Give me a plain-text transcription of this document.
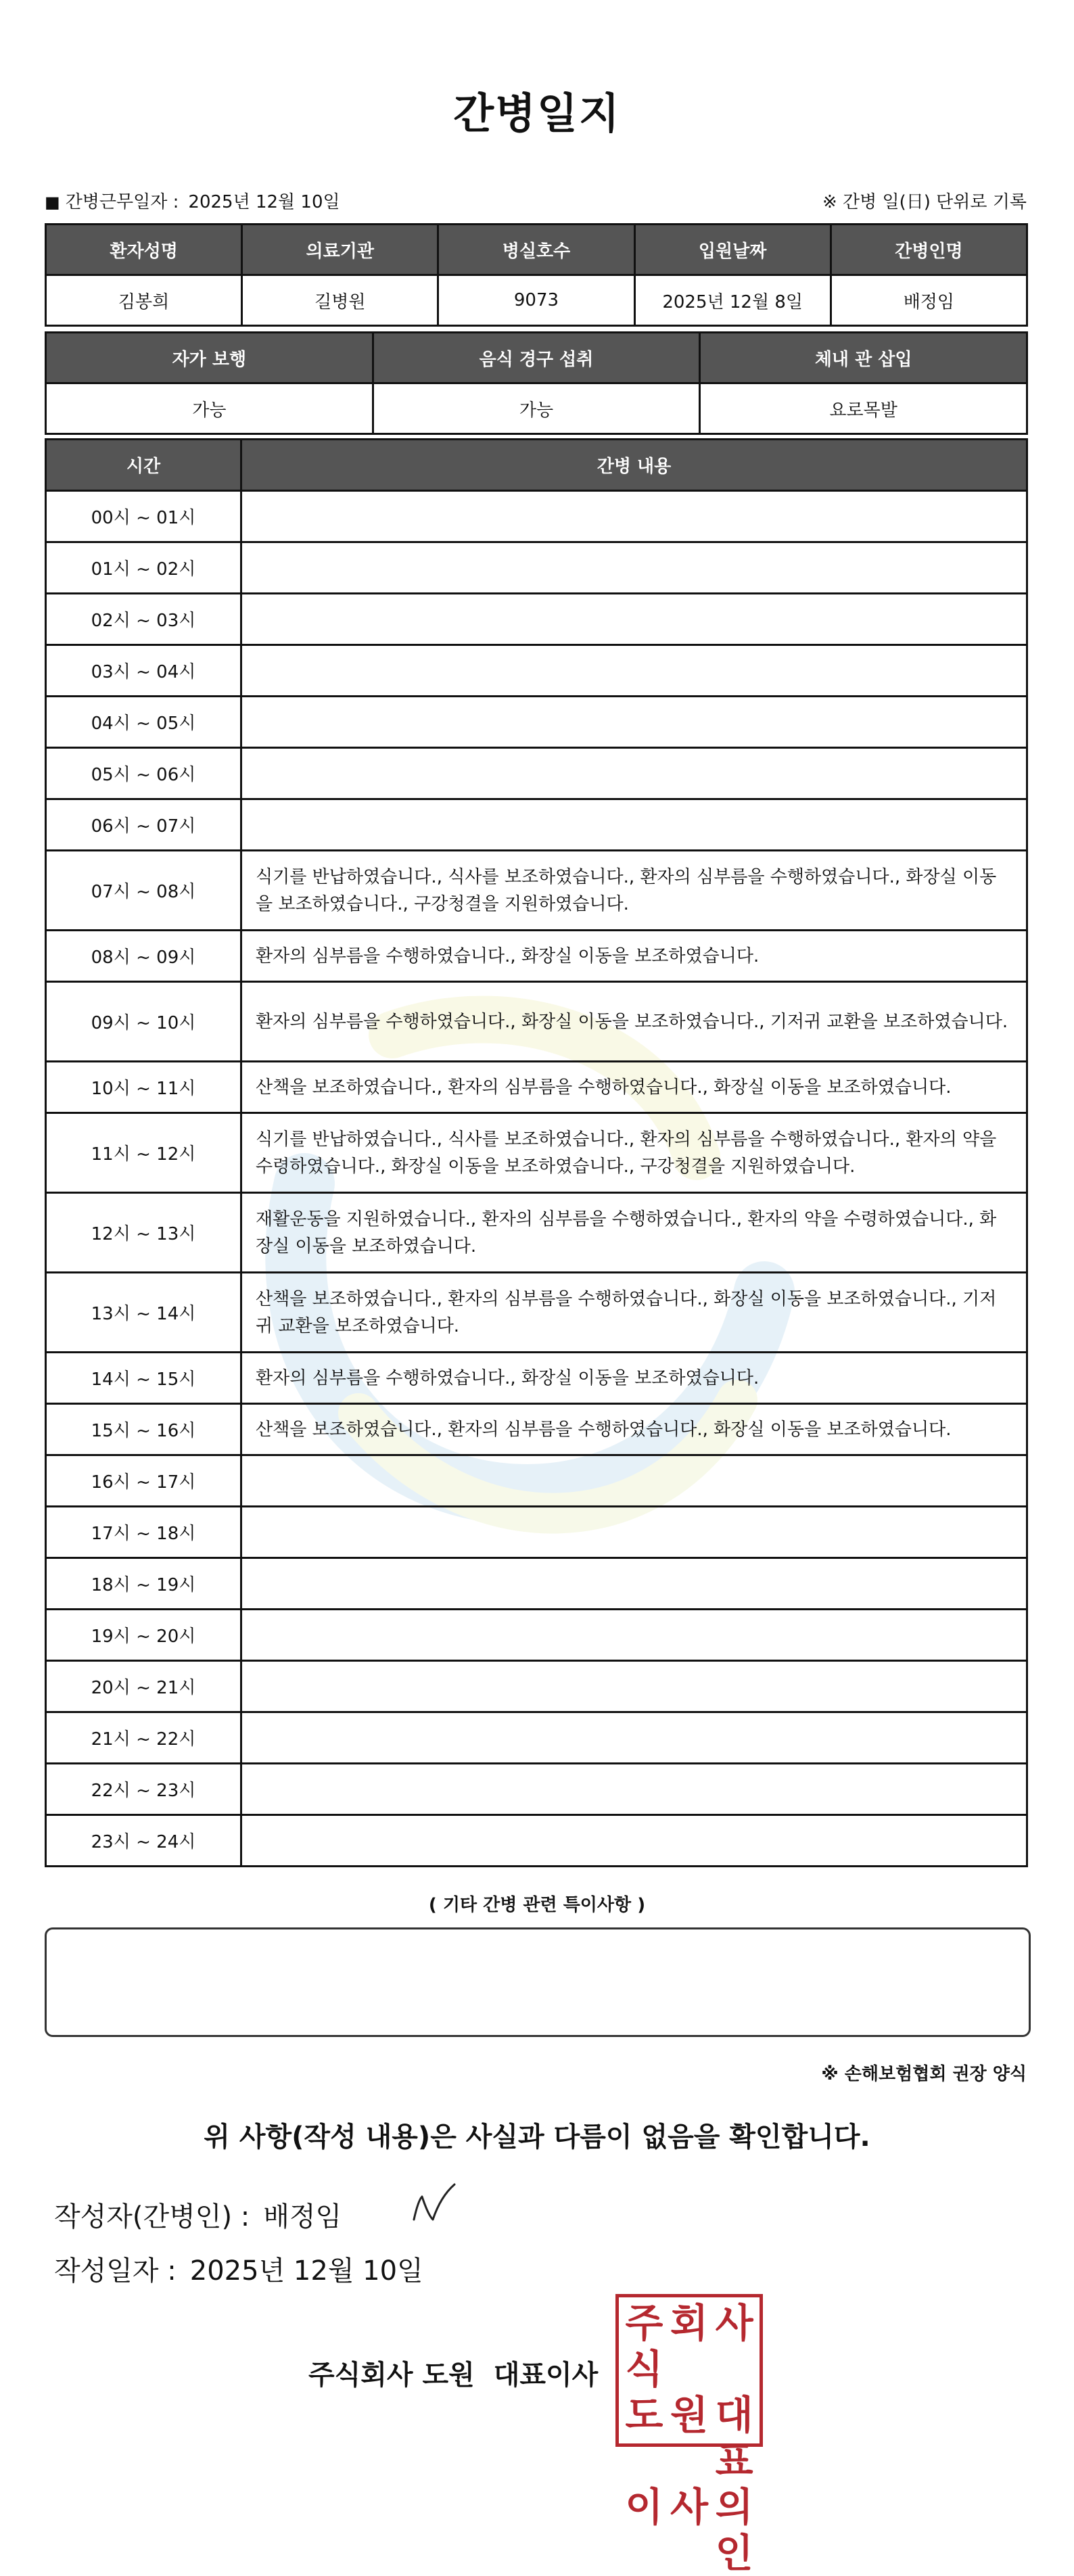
간병일지
■ 간병근무일자 : 2025년 12월 10일	※ 간병 일(日) 단위로 기록
환자성명	의료기관	병실호수	입원날짜	간병인명
김봉희	길병원	9073	2025년 12월 8일	배정임
자가 보행	음식 경구 섭취	체내 관 삽입
가능	가능	요로목발
시간	간병 내용
00시 ~ 01시	
01시 ~ 02시	
02시 ~ 03시	
03시 ~ 04시	
04시 ~ 05시	
05시 ~ 06시	
06시 ~ 07시	
07시 ~ 08시	식기를 반납하였습니다., 식사를 보조하였습니다., 환자의 심부름을 수행하였습니다., 화장실 이동을 보조하였습니다., 구강청결을 지원하였습니다.
08시 ~ 09시	환자의 심부름을 수행하였습니다., 화장실 이동을 보조하였습니다.
09시 ~ 10시	환자의 심부름을 수행하였습니다., 화장실 이동을 보조하였습니다., 기저귀 교환을 보조하였습니다.
10시 ~ 11시	산책을 보조하였습니다., 환자의 심부름을 수행하였습니다., 화장실 이동을 보조하였습니다.
11시 ~ 12시	식기를 반납하였습니다., 식사를 보조하였습니다., 환자의 심부름을 수행하였습니다., 환자의 약을 수령하였습니다., 화장실 이동을 보조하였습니다., 구강청결을 지원하였습니다.
12시 ~ 13시	재활운동을 지원하였습니다., 환자의 심부름을 수행하였습니다., 환자의 약을 수령하였습니다., 화장실 이동을 보조하였습니다.
13시 ~ 14시	산책을 보조하였습니다., 환자의 심부름을 수행하였습니다., 화장실 이동을 보조하였습니다., 기저귀 교환을 보조하였습니다.
14시 ~ 15시	환자의 심부름을 수행하였습니다., 화장실 이동을 보조하였습니다.
15시 ~ 16시	산책을 보조하였습니다., 환자의 심부름을 수행하였습니다., 화장실 이동을 보조하였습니다.
16시 ~ 17시	
17시 ~ 18시	
18시 ~ 19시	
19시 ~ 20시	
20시 ~ 21시	
21시 ~ 22시	
22시 ~ 23시	
23시 ~ 24시	
( 기타 간병 관련 특이사항 )
※ 손해보험협회 권장 양식
위 사항(작성 내용)은 사실과 다름이 없음을 확인합니다.
작성자(간병인) : 배정임
작성일자 : 2025년 12월 10일
주식회사 도원 대표이사
주식
회 사
도 원 대표
이 사 의인
